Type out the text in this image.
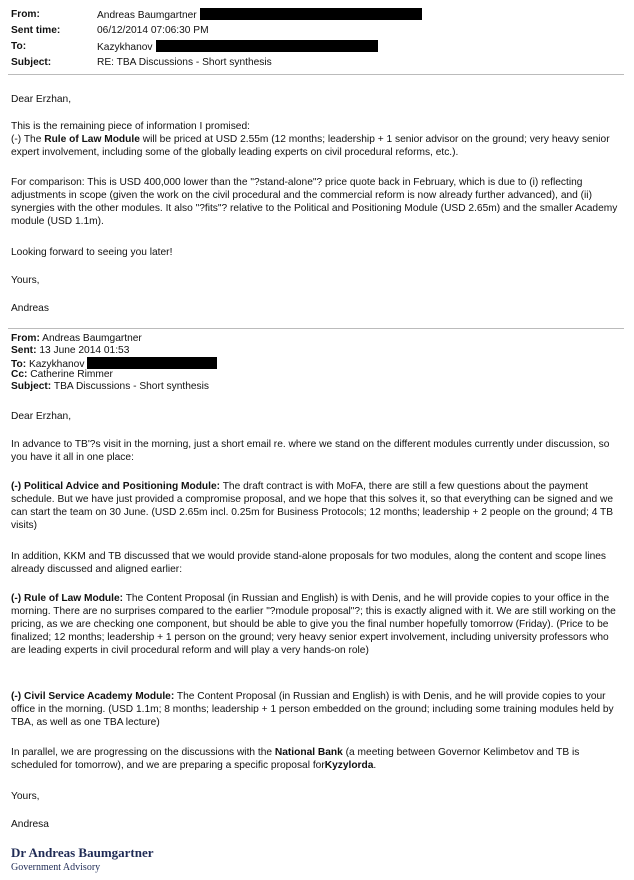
From:	Andreas Baumgartner
Sent time:	06/12/2014 07:06:30 PM
To:	Kazykhanov
Subject:	RE: TBA Discussions - Short synthesis

Dear Erzhan,

This is the remaining piece of information I promised:

(-) The Rule of Law Module will be priced at USD 2.55m (12 months; leadership + 1 senior advisor on the ground; very heavy senior expert involvement, including some of the globally leading experts on civil procedural reforms, etc.).

For comparison: This is USD 400,000 lower than the "?stand-alone"? price quote back in February, which is due to (i) reflecting adjustments in scope (given the work on the civil procedural and the commercial reform is now already further advanced), and (ii) synergies with the other modules. It also "?fits"? relative to the Political and Positioning Module (USD 2.65m) and the smaller Academy module (USD 1.1m).

Looking forward to seeing you later!

Yours,

Andreas

From: Andreas Baumgartner
Sent: 13 June 2014 01:53
To: Kazykhanov
Cc: Catherine Rimmer
Subject: TBA Discussions - Short synthesis

Dear Erzhan,

In advance to TB'?s visit in the morning, just a short email re. where we stand on the different modules currently under discussion, so you have it all in one place:

(-) Political Advice and Positioning Module: The draft contract is with MoFA, there are still a few questions about the payment schedule. But we have just provided a compromise proposal, and we hope that this solves it, so that everything can be signed and we can start the team on 30 June. (USD 2.65m incl. 0.25m for Business Protocols; 12 months; leadership + 2 people on the ground; 4 TB visits)

In addition, KKM and TB discussed that we would provide stand-alone proposals for two modules, along the content and scope lines already discussed and aligned earlier:

(-) Rule of Law Module: The Content Proposal (in Russian and English) is with Denis, and he will provide copies to your office in the morning. There are no surprises compared to the earlier "?module proposal"?; this is exactly aligned with it. We are still working on the pricing, as we are checking one component, but should be able to give you the final number hopefully tomorrow (Friday). (Price to be finalized; 12 months; leadership + 1 person on the ground; very heavy senior expert involvement, including university professors who are leading experts in civil procedural reform and will play a very hands-on role)

(-) Civil Service Academy Module: The Content Proposal (in Russian and English) is with Denis, and he will provide copies to your office in the morning. (USD 1.1m; 8 months; leadership + 1 person embedded on the ground; including some training modules held by TBA, as well as one TBA lecture)

In parallel, we are progressing on the discussions with the National Bank (a meeting between Governor Kelimbetov and TB is scheduled for tomorrow), and we are preparing a specific proposal forKyzylorda.

Yours,

Andresa

Dr Andreas Baumgartner
Government Advisory
